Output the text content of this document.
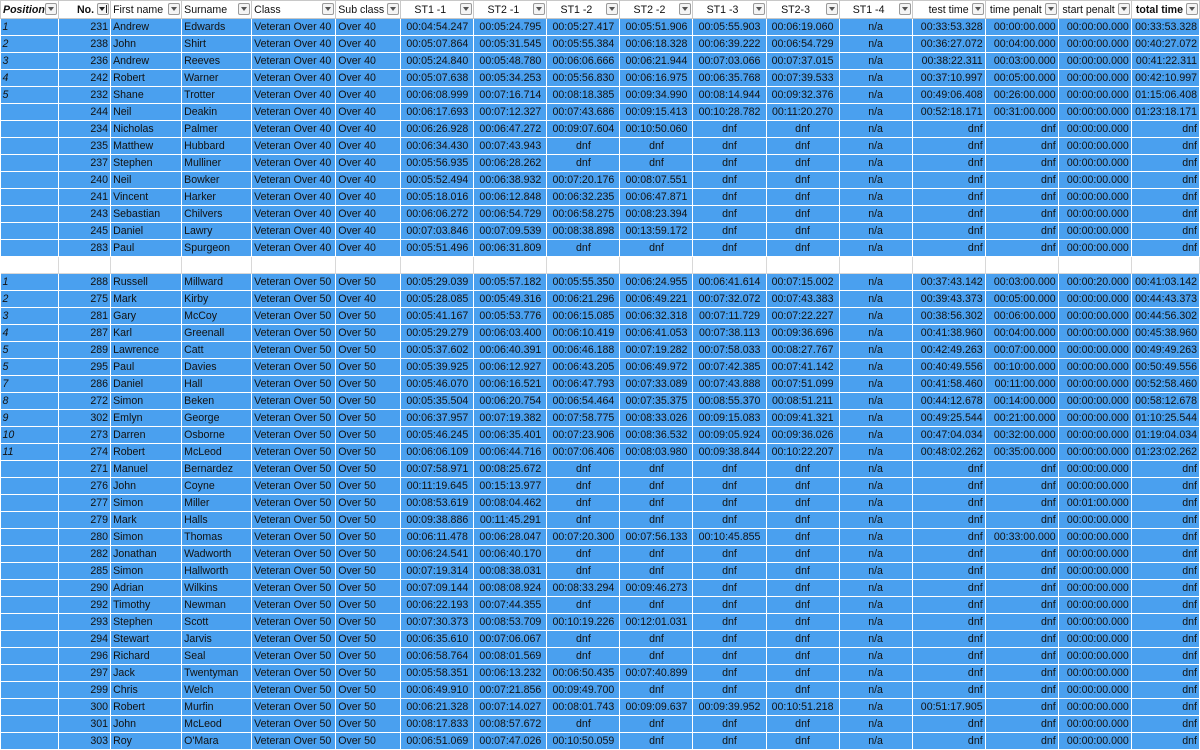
Position	No.	First name	Surname	Class	Sub class	ST1 -1	ST2 -1	ST1 -2	ST2 -2	ST1 -3	ST2-3	ST1 -4	test time	time penalt	start penalt	total time

1	231	Andrew	Edwards	Veteran Over 40	Over 40	00:04:54.247	00:05:24.795	00:05:27.417	00:05:51.906	00:05:55.903	00:06:19.060	n/a	00:33:53.328	00:00:00.000	00:00:00.000	00:33:53.328
2	238	John	Shirt	Veteran Over 40	Over 40	00:05:07.864	00:05:31.545	00:05:55.384	00:06:18.328	00:06:39.222	00:06:54.729	n/a	00:36:27.072	00:04:00.000	00:00:00.000	00:40:27.072
3	236	Andrew	Reeves	Veteran Over 40	Over 40	00:05:24.840	00:05:48.780	00:06:06.666	00:06:21.944	00:07:03.066	00:07:37.015	n/a	00:38:22.311	00:03:00.000	00:00:00.000	00:41:22.311
4	242	Robert	Warner	Veteran Over 40	Over 40	00:05:07.638	00:05:34.253	00:05:56.830	00:06:16.975	00:06:35.768	00:07:39.533	n/a	00:37:10.997	00:05:00.000	00:00:00.000	00:42:10.997
5	232	Shane	Trotter	Veteran Over 40	Over 40	00:06:08.999	00:07:16.714	00:08:18.385	00:09:34.990	00:08:14.944	00:09:32.376	n/a	00:49:06.408	00:26:00.000	00:00:00.000	01:15:06.408
	244	Neil	Deakin	Veteran Over 40	Over 40	00:06:17.693	00:07:12.327	00:07:43.686	00:09:15.413	00:10:28.782	00:11:20.270	n/a	00:52:18.171	00:31:00.000	00:00:00.000	01:23:18.171
	234	Nicholas	Palmer	Veteran Over 40	Over 40	00:06:26.928	00:06:47.272	00:09:07.604	00:10:50.060	dnf	dnf	n/a	dnf	dnf	00:00:00.000	dnf
	235	Matthew	Hubbard	Veteran Over 40	Over 40	00:06:34.430	00:07:43.943	dnf	dnf	dnf	dnf	n/a	dnf	dnf	00:00:00.000	dnf
	237	Stephen	Mulliner	Veteran Over 40	Over 40	00:05:56.935	00:06:28.262	dnf	dnf	dnf	dnf	n/a	dnf	dnf	00:00:00.000	dnf
	240	Neil	Bowker	Veteran Over 40	Over 40	00:05:52.494	00:06:38.932	00:07:20.176	00:08:07.551	dnf	dnf	n/a	dnf	dnf	00:00:00.000	dnf
	241	Vincent	Harker	Veteran Over 40	Over 40	00:05:18.016	00:06:12.848	00:06:32.235	00:06:47.871	dnf	dnf	n/a	dnf	dnf	00:00:00.000	dnf
	243	Sebastian	Chilvers	Veteran Over 40	Over 40	00:06:06.272	00:06:54.729	00:06:58.275	00:08:23.394	dnf	dnf	n/a	dnf	dnf	00:00:00.000	dnf
	245	Daniel	Lawry	Veteran Over 40	Over 40	00:07:03.846	00:07:09.539	00:08:38.898	00:13:59.172	dnf	dnf	n/a	dnf	dnf	00:00:00.000	dnf
	283	Paul	Spurgeon	Veteran Over 40	Over 40	00:05:51.496	00:06:31.809	dnf	dnf	dnf	dnf	n/a	dnf	dnf	00:00:00.000	dnf

1	288	Russell	Millward	Veteran Over 50	Over 50	00:05:29.039	00:05:57.182	00:05:55.350	00:06:24.955	00:06:41.614	00:07:15.002	n/a	00:37:43.142	00:03:00.000	00:00:20.000	00:41:03.142
2	275	Mark	Kirby	Veteran Over 50	Over 40	00:05:28.085	00:05:49.316	00:06:21.296	00:06:49.221	00:07:32.072	00:07:43.383	n/a	00:39:43.373	00:05:00.000	00:00:00.000	00:44:43.373
3	281	Gary	McCoy	Veteran Over 50	Over 50	00:05:41.167	00:05:53.776	00:06:15.085	00:06:32.318	00:07:11.729	00:07:22.227	n/a	00:38:56.302	00:06:00.000	00:00:00.000	00:44:56.302
4	287	Karl	Greenall	Veteran Over 50	Over 50	00:05:29.279	00:06:03.400	00:06:10.419	00:06:41.053	00:07:38.113	00:09:36.696	n/a	00:41:38.960	00:04:00.000	00:00:00.000	00:45:38.960
5	289	Lawrence	Catt	Veteran Over 50	Over 50	00:05:37.602	00:06:40.391	00:06:46.188	00:07:19.282	00:07:58.033	00:08:27.767	n/a	00:42:49.263	00:07:00.000	00:00:00.000	00:49:49.263
5	295	Paul	Davies	Veteran Over 50	Over 50	00:05:39.925	00:06:12.927	00:06:43.205	00:06:49.972	00:07:42.385	00:07:41.142	n/a	00:40:49.556	00:10:00.000	00:00:00.000	00:50:49.556
7	286	Daniel	Hall	Veteran Over 50	Over 50	00:05:46.070	00:06:16.521	00:06:47.793	00:07:33.089	00:07:43.888	00:07:51.099	n/a	00:41:58.460	00:11:00.000	00:00:00.000	00:52:58.460
8	272	Simon	Beken	Veteran Over 50	Over 50	00:05:35.504	00:06:20.754	00:06:54.464	00:07:35.375	00:08:55.370	00:08:51.211	n/a	00:44:12.678	00:14:00.000	00:00:00.000	00:58:12.678
9	302	Emlyn	George	Veteran Over 50	Over 50	00:06:37.957	00:07:19.382	00:07:58.775	00:08:33.026	00:09:15.083	00:09:41.321	n/a	00:49:25.544	00:21:00.000	00:00:00.000	01:10:25.544
10	273	Darren	Osborne	Veteran Over 50	Over 50	00:05:46.245	00:06:35.401	00:07:23.906	00:08:36.532	00:09:05.924	00:09:36.026	n/a	00:47:04.034	00:32:00.000	00:00:00.000	01:19:04.034
11	274	Robert	McLeod	Veteran Over 50	Over 50	00:06:06.109	00:06:44.716	00:07:06.406	00:08:03.980	00:09:38.844	00:10:22.207	n/a	00:48:02.262	00:35:00.000	00:00:00.000	01:23:02.262
	271	Manuel	Bernardez	Veteran Over 50	Over 50	00:07:58.971	00:08:25.672	dnf	dnf	dnf	dnf	n/a	dnf	dnf	00:00:00.000	dnf
	276	John	Coyne	Veteran Over 50	Over 50	00:11:19.645	00:15:13.977	dnf	dnf	dnf	dnf	n/a	dnf	dnf	00:00:00.000	dnf
	277	Simon	Miller	Veteran Over 50	Over 50	00:08:53.619	00:08:04.462	dnf	dnf	dnf	dnf	n/a	dnf	dnf	00:01:00.000	dnf
	279	Mark	Halls	Veteran Over 50	Over 50	00:09:38.886	00:11:45.291	dnf	dnf	dnf	dnf	n/a	dnf	dnf	00:00:00.000	dnf
	280	Simon	Thomas	Veteran Over 50	Over 50	00:06:11.478	00:06:28.047	00:07:20.300	00:07:56.133	00:10:45.855	dnf	n/a	dnf	00:33:00.000	00:00:00.000	dnf
	282	Jonathan	Wadworth	Veteran Over 50	Over 50	00:06:24.541	00:06:40.170	dnf	dnf	dnf	dnf	n/a	dnf	dnf	00:00:00.000	dnf
	285	Simon	Hallworth	Veteran Over 50	Over 50	00:07:19.314	00:08:38.031	dnf	dnf	dnf	dnf	n/a	dnf	dnf	00:00:00.000	dnf
	290	Adrian	Wilkins	Veteran Over 50	Over 50	00:07:09.144	00:08:08.924	00:08:33.294	00:09:46.273	dnf	dnf	n/a	dnf	dnf	00:00:00.000	dnf
	292	Timothy	Newman	Veteran Over 50	Over 50	00:06:22.193	00:07:44.355	dnf	dnf	dnf	dnf	n/a	dnf	dnf	00:00:00.000	dnf
	293	Stephen	Scott	Veteran Over 50	Over 50	00:07:30.373	00:08:53.709	00:10:19.226	00:12:01.031	dnf	dnf	n/a	dnf	dnf	00:00:00.000	dnf
	294	Stewart	Jarvis	Veteran Over 50	Over 50	00:06:35.610	00:07:06.067	dnf	dnf	dnf	dnf	n/a	dnf	dnf	00:00:00.000	dnf
	296	Richard	Seal	Veteran Over 50	Over 50	00:06:58.764	00:08:01.569	dnf	dnf	dnf	dnf	n/a	dnf	dnf	00:00:00.000	dnf
	297	Jack	Twentyman	Veteran Over 50	Over 50	00:05:58.351	00:06:13.232	00:06:50.435	00:07:40.899	dnf	dnf	n/a	dnf	dnf	00:00:00.000	dnf
	299	Chris	Welch	Veteran Over 50	Over 50	00:06:49.910	00:07:21.856	00:09:49.700	dnf	dnf	dnf	n/a	dnf	dnf	00:00:00.000	dnf
	300	Robert	Murfin	Veteran Over 50	Over 50	00:06:21.328	00:07:14.027	00:08:01.743	00:09:09.637	00:09:39.952	00:10:51.218	n/a	00:51:17.905	dnf	00:00:00.000	dnf
	301	John	McLeod	Veteran Over 50	Over 50	00:08:17.833	00:08:57.672	dnf	dnf	dnf	dnf	n/a	dnf	dnf	00:00:00.000	dnf
	303	Roy	O'Mara	Veteran Over 50	Over 50	00:06:51.069	00:07:47.026	00:10:50.059	dnf	dnf	dnf	n/a	dnf	dnf	00:00:00.000	dnf
